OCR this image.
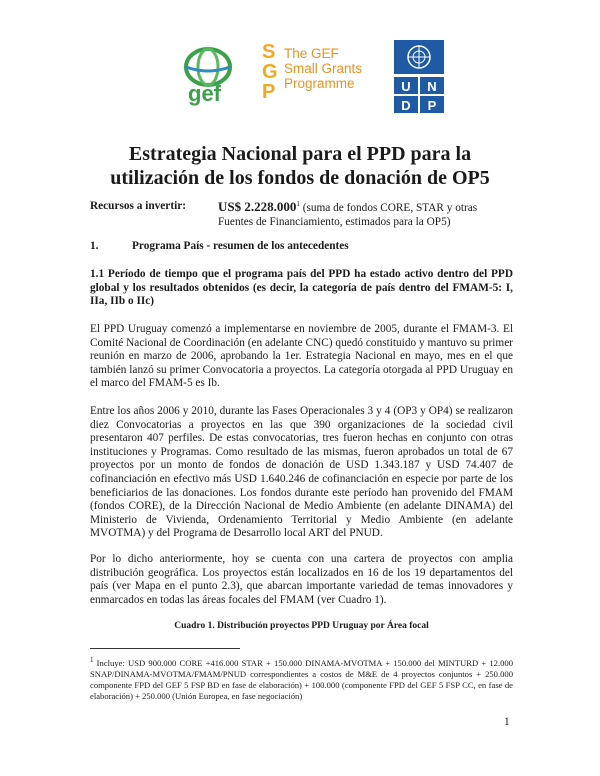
gef
S
G
P
The GEF
Small Grants
Programme	U N
D P
Estrategia Nacional para el PPD para la
utilización de los fondos de donación de OP5
Recursos a invertir: US$ 2.228.000$^1$ (suma de fondos CORE, STAR y otras Fuentes de Financiamiento, estimados para la OP5)
1.	Programa País - resumen de los antecedentes
1.1 Período de tiempo que el programa país del PPD ha estado activo dentro del PPD global y los resultados obtenidos (es decir, la categoría de país dentro del FMAM-5: I, IIa, IIb o IIc)
El PPD Uruguay comenzó a implementarse en noviembre de 2005, durante el FMAM-3. El Comité Nacional de Coordinación (en adelante CNC) quedó constituido y mantuvo su primer reunión en marzo de 2006, aprobando la 1er. Estrategia Nacional en mayo, mes en el que también lanzó su primer Convocatoria a proyectos. La categoría otorgada al PPD Uruguay en el marco del FMAM-5 es Ib.
Entre los años 2006 y 2010, durante las Fases Operacionales 3 y 4 (OP3 y OP4) se realizaron diez Convocatorias a proyectos en las que 390 organizaciones de la sociedad civil presentaron 407 perfiles. De estas convocatorias, tres fueron hechas en conjunto con otras instituciones y Programas. Como resultado de las mismas, fueron aprobados un total de 67 proyectos por un monto de fondos de donación de USD 1.343.187 y USD 74.407 de cofinanciación en efectivo más USD 1.640.246 de cofinanciación en especie por parte de los beneficiarios de las donaciones. Los fondos durante este período han provenido del FMAM (fondos CORE), de la Dirección Nacional de Medio Ambiente (en adelante DINAMA) del Ministerio de Vivienda, Ordenamiento Territorial y Medio Ambiente (en adelante MVOTMA) y del Programa de Desarrollo local ART del PNUD.
Por lo dicho anteriormente, hoy se cuenta con una cartera de proyectos con amplia distribución geográfica. Los proyectos están localizados en 16 de los 19 departamentos del país (ver Mapa en el punto 2.3), que abarcan importante variedad de temas innovadores y enmarcados en todas las áreas focales del FMAM (ver Cuadro 1).
Cuadro 1. Distribución proyectos PPD Uruguay por Área focal
$^1$ Incluye: USD 900.000 CORE +416.000 STAR + 150.000 DINAMA-MVOTMA + 150.000 del MINTURD + 12.000 SNAP/DINAMA-MVOTMA/FMAM/PNUD correspondientes a costos de M&E de 4 proyectos conjuntos + 250.000 componente FPD del GEF 5 FSP BD en fase de elaboración) + 100.000 (componente FPD del GEF 5 FSP CC, en fase de elaboración) + 250.000 (Unión Europea, en fase negociación)
1
